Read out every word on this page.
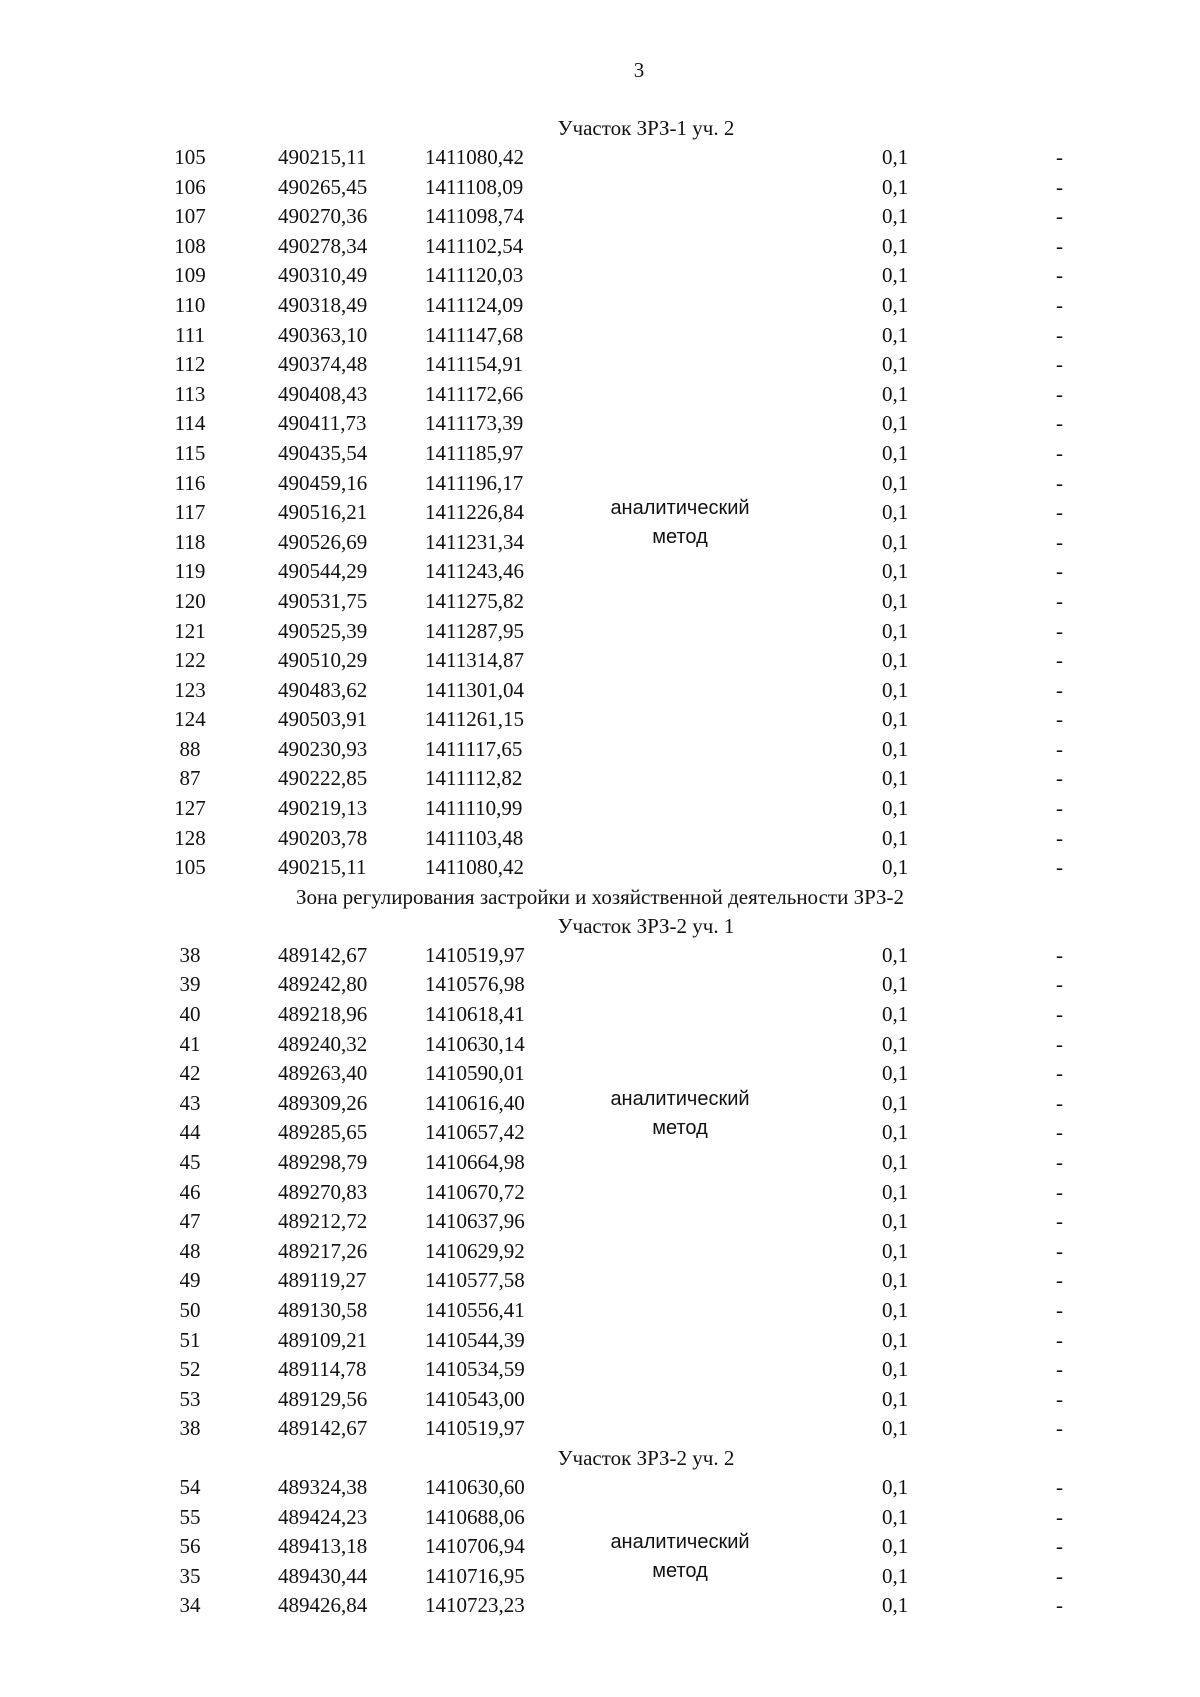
3
Участок ЗРЗ-1 уч. 2
105	490215,11	1411080,42	0,1	-
106	490265,45	1411108,09	0,1	-
107	490270,36	1411098,74	0,1	-
108	490278,34	1411102,54	0,1	-
109	490310,49	1411120,03	0,1	-
110	490318,49	1411124,09	0,1	-
111	490363,10	1411147,68	0,1	-
112	490374,48	1411154,91	0,1	-
113	490408,43	1411172,66	0,1	-
114	490411,73	1411173,39	0,1	-
115	490435,54	1411185,97	0,1	-
116	490459,16	1411196,17	0,1	-
117	490516,21	1411226,84	0,1	-
118	490526,69	1411231,34	0,1	-
119	490544,29	1411243,46	0,1	-
120	490531,75	1411275,82	0,1	-
121	490525,39	1411287,95	0,1	-
122	490510,29	1411314,87	0,1	-
123	490483,62	1411301,04	0,1	-
124	490503,91	1411261,15	0,1	-
88	490230,93	1411117,65	0,1	-
87	490222,85	1411112,82	0,1	-
127	490219,13	1411110,99	0,1	-
128	490203,78	1411103,48	0,1	-
105	490215,11	1411080,42	0,1	-
аналитический
метод
Зона регулирования застройки и хозяйственной деятельности ЗРЗ-2
Участок ЗРЗ-2 уч. 1
38	489142,67	1410519,97	0,1	-
39	489242,80	1410576,98	0,1	-
40	489218,96	1410618,41	0,1	-
41	489240,32	1410630,14	0,1	-
42	489263,40	1410590,01	0,1	-
43	489309,26	1410616,40	0,1	-
44	489285,65	1410657,42	0,1	-
45	489298,79	1410664,98	0,1	-
46	489270,83	1410670,72	0,1	-
47	489212,72	1410637,96	0,1	-
48	489217,26	1410629,92	0,1	-
49	489119,27	1410577,58	0,1	-
50	489130,58	1410556,41	0,1	-
51	489109,21	1410544,39	0,1	-
52	489114,78	1410534,59	0,1	-
53	489129,56	1410543,00	0,1	-
38	489142,67	1410519,97	0,1	-
аналитический
метод
Участок ЗРЗ-2 уч. 2
54	489324,38	1410630,60	0,1	-
55	489424,23	1410688,06	0,1	-
56	489413,18	1410706,94	0,1	-
35	489430,44	1410716,95	0,1	-
34	489426,84	1410723,23	0,1	-
аналитический
метод
